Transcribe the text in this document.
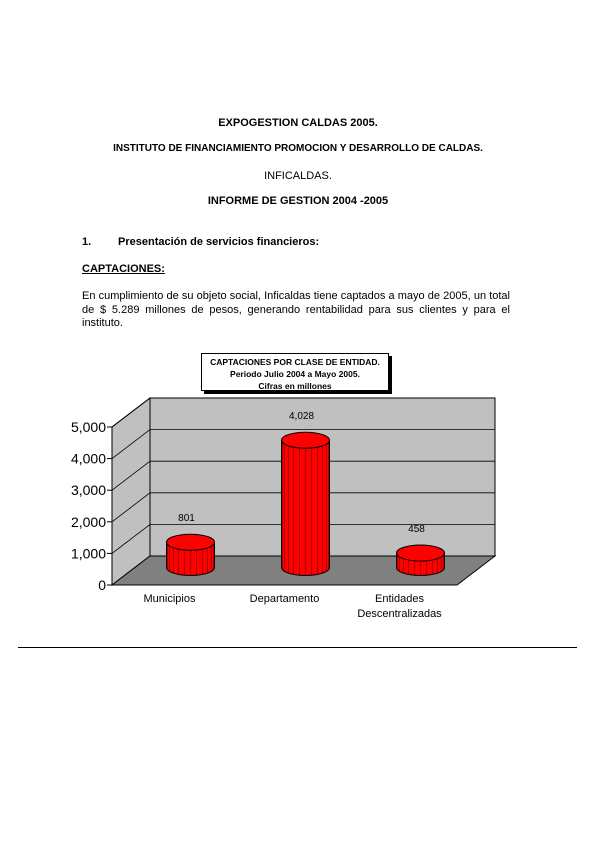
EXPOGESTION CALDAS 2005.
INSTITUTO DE FINANCIAMIENTO PROMOCION Y DESARROLLO DE CALDAS.
INFICALDAS.
INFORME DE GESTION 2004 -2005
1. Presentación de servicios financieros:
CAPTACIONES:
En cumplimiento de su objeto social, Inficaldas tiene captados a mayo de 2005, un total de $ 5.289 millones de pesos, generando rentabilidad para sus clientes y para el instituto.
0
1,000
2,000
3,000
4,000
5,000
801
Municipios
4,028
Departamento
458
Entidades
Descentralizadas
CAPTACIONES POR CLASE DE ENTIDAD.
Periodo Julio 2004 a Mayo 2005.
Cifras en millones
